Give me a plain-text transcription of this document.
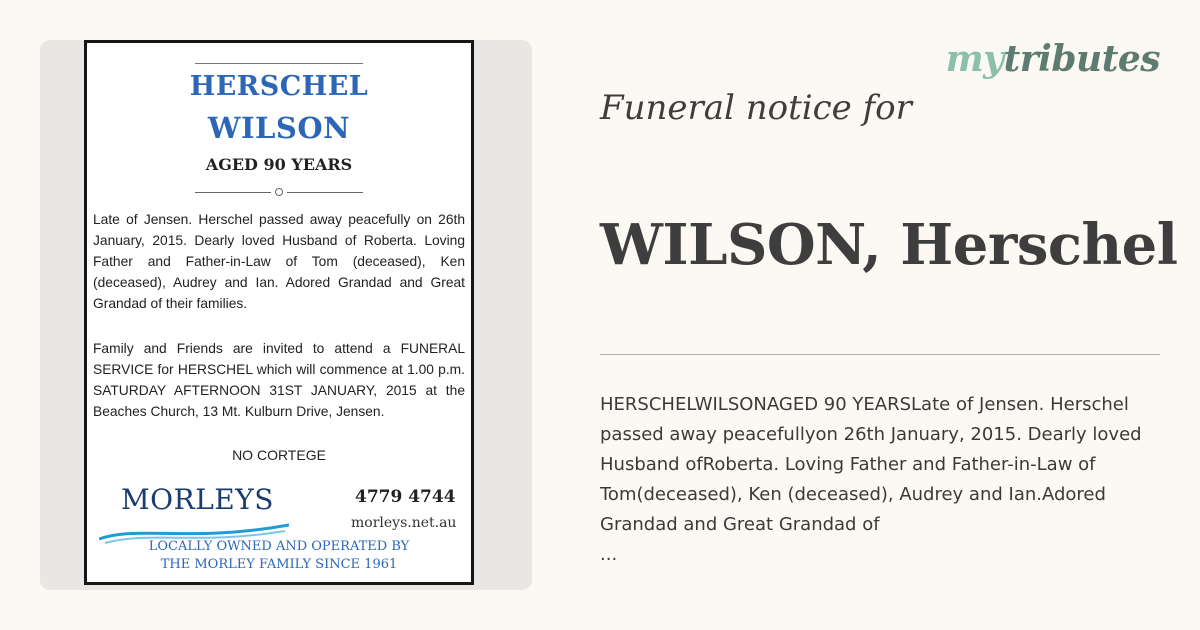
HERSCHEL
WILSON
AGED 90 YEARS
Late of Jensen. Herschel passed away peacefully on 26th January, 2015. Dearly loved Husband of Roberta. Loving Father and Father-in-Law of Tom (deceased), Ken (deceased), Audrey and Ian. Adored Grandad and Great Grandad of their families.
Family and Friends are invited to attend a FUNERAL SERVICE for HERSCHEL which will commence at 1.00 p.m. SATURDAY AFTERNOON 31ST JANUARY, 2015 at the Beaches Church, 13 Mt. Kulburn Drive, Jensen.
NO CORTEGE
MORLEYS	4779 4744
morleys.net.au
LOCALLY OWNED AND OPERATED BY
THE MORLEY FAMILY SINCE 1961
mytributes
Funeral notice for
WILSON, Herschel

HERSCHELWILSONAGED 90 YEARSLate of Jensen. Herschel passed away peacefullyon 26th January, 2015. Dearly loved Husband ofRoberta. Loving Father and Father-in-Law of Tom(deceased), Ken (deceased), Audrey and Ian.Adored Grandad and Great Grandad of

...
